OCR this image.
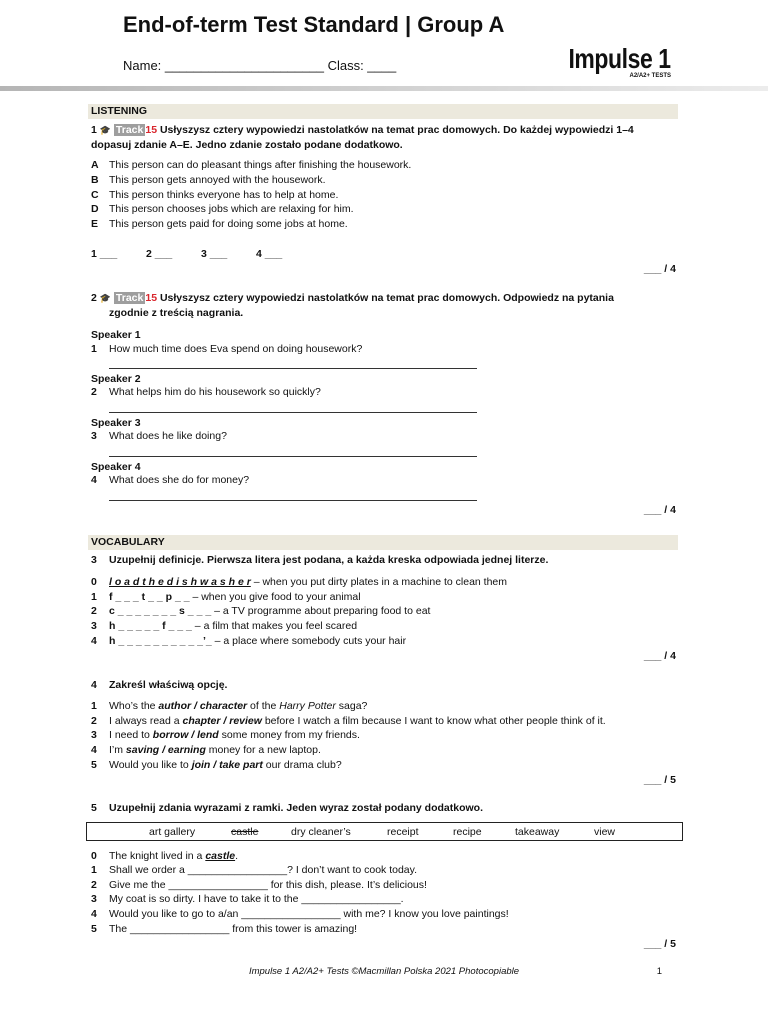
End-of-term Test Standard | Group A
Name: ______________________ Class: ____	Impulse 1
A2/A2+ TESTS
LISTENING
1 🎓 Track 15 Usłyszysz cztery wypowiedzi nastolatków na temat prac domowych. Do każdej wypowiedzi 1–4
dopasuj zdanie A–E. Jedno zdanie zostało podane dodatkowo.
A This person can do pleasant things after finishing the housework.
B This person gets annoyed with the housework.
C This person thinks everyone has to help at home.
D This person chooses jobs which are relaxing for him.
E This person gets paid for doing some jobs at home.
1 ___	2 ___	3 ___	4 ___
___ / 4
2 🎓 Track 15 Usłyszysz cztery wypowiedzi nastolatków na temat prac domowych. Odpowiedz na pytania
zgodnie z treścią nagrania.
Speaker 1
1 How much time does Eva spend on doing housework?
Speaker 2
2 What helps him do his housework so quickly?
Speaker 3
3 What does he like doing?
Speaker 4
4 What does she do for money?
___ / 4
VOCABULARY
3 Uzupełnij definicje. Pierwsza litera jest podana, a każda kreska odpowiada jednej literze.
0 l o a d t h e d i s h w a s h e r – when you put dirty plates in a machine to clean them
1 f _ _ _ t _ _ p _ _ – when you give food to your animal
2 c _ _ _ _ _ _ _ s _ _ _ – a TV programme about preparing food to eat
3 h _ _ _ _ _ f _ _ _ – a film that makes you feel scared
4 h _ _ _ _ _ _ _ _ _ _’_ – a place where somebody cuts your hair
___ / 4
4 Zakreśl właściwą opcję.
1 Who’s the author / character of the Harry Potter saga?
2 I always read a chapter / review before I watch a film because I want to know what other people think of it.
3 I need to borrow / lend some money from my friends.
4 I’m saving / earning money for a new laptop.
5 Would you like to join / take part our drama club?
___ / 5
5 Uzupełnij zdania wyrazami z ramki. Jeden wyraz został podany dodatkowo.
art gallery	castle	dry cleaner’s	receipt	recipe	takeaway	view
0 The knight lived in a castle.
1 Shall we order a _________________? I don’t want to cook today.
2 Give me the _________________ for this dish, please. It’s delicious!
3 My coat is so dirty. I have to take it to the _________________.
4 Would you like to go to a/an _________________ with me? I know you love paintings!
5 The _________________ from this tower is amazing!
___ / 5
Impulse 1 A2/A2+ Tests ©Macmillan Polska 2021 Photocopiable	1
